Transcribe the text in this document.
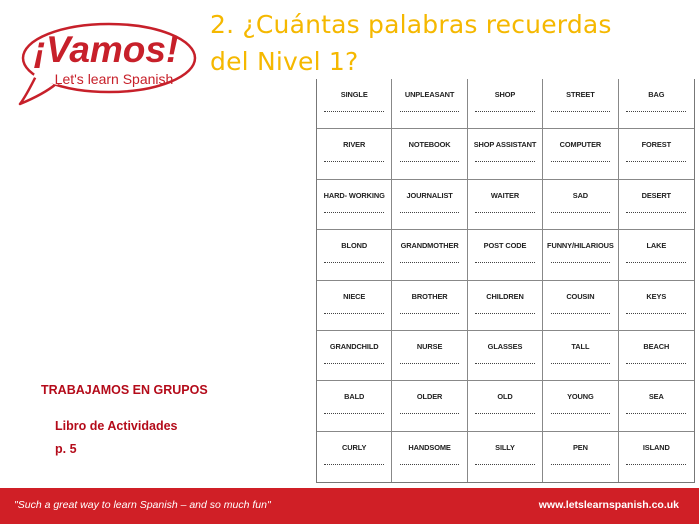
¡Vamos!
Let's learn Spanish
2. ¿Cuántas palabras recuerdas
del Nivel 1?
SINGLE	UNPLEASANT	SHOP	STREET	BAG
RIVER	NOTEBOOK	SHOP ASSISTANT	COMPUTER	FOREST
HARD- WORKING	JOURNALIST	WAITER	SAD	DESERT
BLOND	GRANDMOTHER	POST CODE	FUNNY/HILARIOUS	LAKE
NIECE	BROTHER	CHILDREN	COUSIN	KEYS
GRANDCHILD	NURSE	GLASSES	TALL	BEACH
BALD	OLDER	OLD	YOUNG	SEA
CURLY	HANDSOME	SILLY	PEN	ISLAND
TRABAJAMOS EN GRUPOS
Libro de Actividades
p. 5
"Such a great way to learn Spanish – and so much fun"	www.letslearnspanish.co.uk
